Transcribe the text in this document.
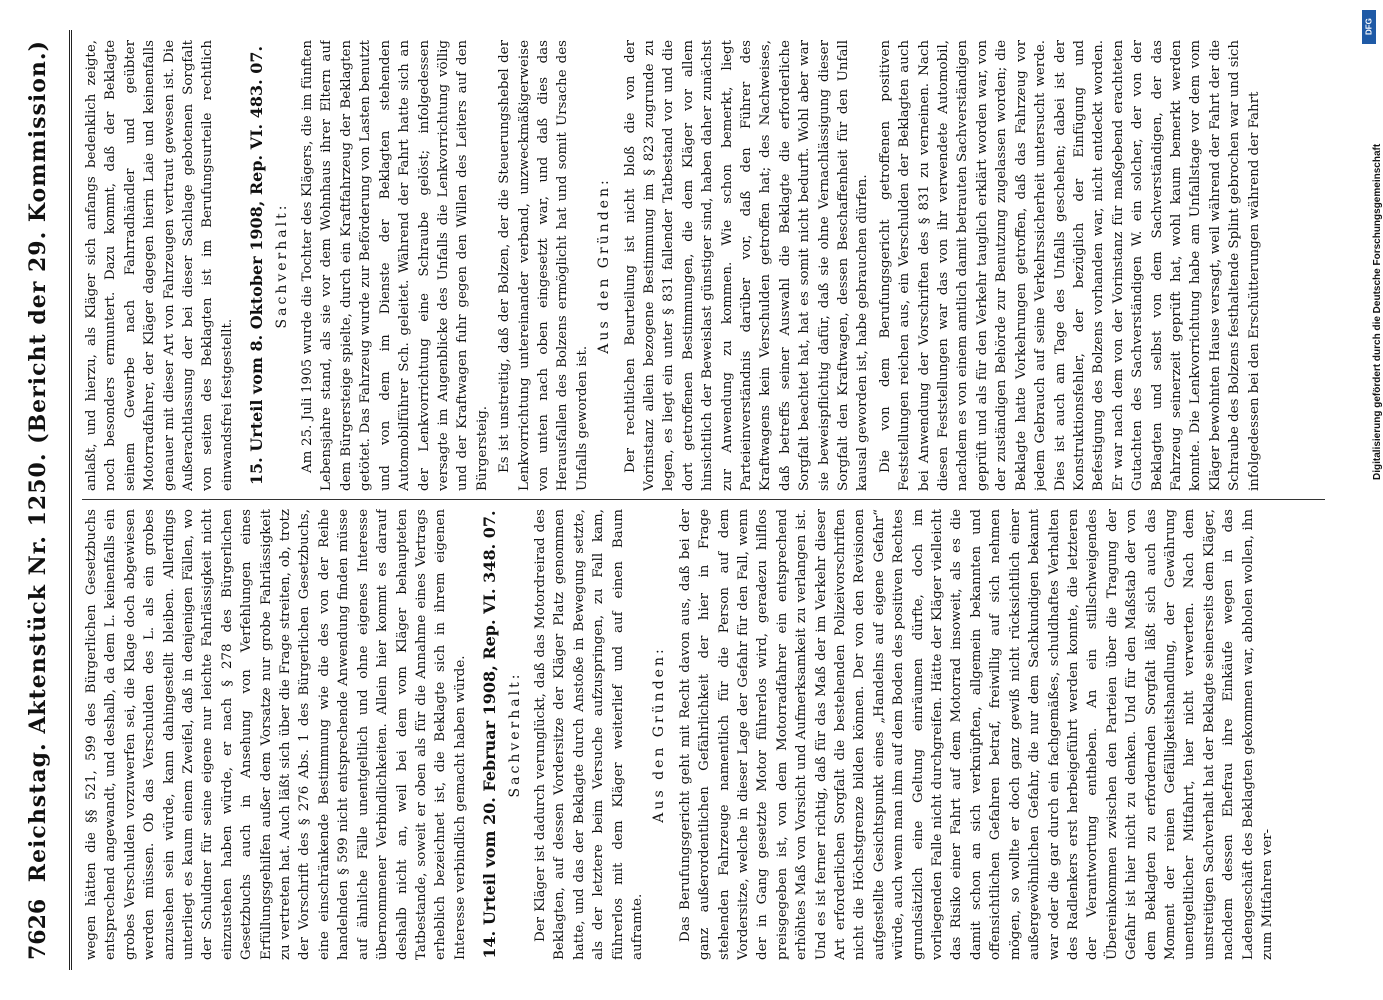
7626
Reichstag. Aktenstück Nr. 1250. (Bericht der 29. Kommission.) wegen hätten die §§ 521, 599 des Bürgerlichen Gesetzbuchs entsprechend angewandt, und deshalb, da dem L. keinenfalls ein grobes Verschulden vorzuwerfen sei, die Klage doch abgewiesen werden müssen. Ob das Verschulden des L. als ein grobes anzusehen sein würde, kann dahingestellt bleiben. Allerdings unterliegt es kaum einem Zweifel, daß in denjenigen Fällen, wo der Schuldner für seine eigene nur leichte Fahrlässigkeit nicht einzustehen haben würde, er nach § 278 des Bürgerlichen Gesetzbuchs auch in Ansehung von Verfehlungen eines Erfüllungsgehilfen außer dem Vorsatze nur grobe Fahrlässigkeit zu vertreten hat. Auch läßt sich über die Frage streiten, ob, trotz der Vorschrift des § 276 Abs. 1 des Bürgerlichen Gesetzbuchs, eine einschränkende Bestimmung wie die des von der Reihe handelnden § 599 nicht entsprechende Anwendung finden müsse auf ähnliche Fälle unentgeltlich und ohne eigenes Interesse übernommener Verbindlichkeiten. Allein hier kommt es darauf deshalb nicht an, weil bei dem vom Kläger behaupteten Tatbestande, soweit er oben als für die Annahme eines Vertrags erheblich bezeichnet ist, die Beklagte sich in ihrem eigenen Interesse verbindlich gemacht haben würde. 14. Urteil vom 20. Februar 1908, Rep. VI. 348. 07. Sachverhalt: Der Kläger ist dadurch verunglückt, daß das Motordreirad des Beklagten, auf dessen Vordersitze der Kläger Platz genommen hatte, und das der Beklagte durch Anstoße in Bewegung setzte, als der letztere beim Versuche aufzuspringen, zu Fall kam, führerlos mit dem Kläger weiterlief und auf einen Baum auframte.

Aus den Gründen: Das Berufungsgericht geht mit Recht davon aus, daß bei der ganz außerordentlichen Gefährlichkeit der hier in Frage stehenden Fahrzeuge namentlich für die Person auf dem Vordersitze, welche in dieser Lage der Gefahr für den Fall, wenn der in Gang gesetzte Motor führerlos wird, geradezu hilflos preisgegeben ist, von dem Motorradfahrer ein entsprechend erhöhtes Maß von Vorsicht und Aufmerksamkeit zu verlangen ist. Und es ist ferner richtig, daß für das Maß der im Verkehr dieser Art erforderlichen Sorgfalt die bestehenden Polizeivorschriften nicht die Höchstgrenze bilden können. Der von den Revisionen aufgestellte Gesichtspunkt eines „Handelns auf eigene Gefahr“ würde, auch wenn man ihm auf dem Boden des positiven Rechtes grundsätzlich eine Geltung einräumen dürfte, doch im vorliegenden Falle nicht durchgreifen. Hätte der Kläger vielleicht das Risiko einer Fahrt auf dem Motorrad insoweit, als es die damit schon an sich verknüpften, allgemein bekannten und offensichtlichen Gefahren betraf, freiwillig auf sich nehmen mögen, so wollte er doch ganz gewiß nicht rücksichtlich einer außergewöhnlichen Gefahr, die nur dem Sachkundigen bekannt war oder die gar durch ein fachgemäßes, schuldhaftes Verhalten des Radlenkers erst herbeigeführt werden konnte, die letzteren der Verantwortung entheben. An ein stillschweigendes Übereinkommen zwischen den Parteien über die Tragung der Gefahr ist hier nicht zu denken. Und für den Maßstab der von dem Beklagten zu erfordernden Sorgfalt läßt sich auch das Moment der reinen Gefälligkeitshandlung, der Gewährung unentgeltlicher Mitfahrt, hier nicht verwerten. Nach dem unstreitigen Sachverhalt hat der Beklagte seinerseits dem Kläger, nachdem dessen Ehefrau ihre Einkäufe wegen in das Ladengeschäft des Beklagten gekommen war, abholen wollen, ihn zum Mitfahren ver-

anlaßt, und hierzu, als Kläger sich anfangs bedenklich zeigte, noch besonders ermuntert. Dazu kommt, daß der Beklagte seinem Gewerbe nach Fahrradhändler und geübter Motorradfahrer, der Kläger dagegen hierin Laie und keinenfalls genauer mit dieser Art von Fahrzeugen vertraut gewesen ist. Die Außerachtlassung der bei dieser Sachlage gebotenen Sorgfalt von seiten des Beklagten ist im Berufungsurteile rechtlich einwandsfrei festgestellt. 15. Urteil vom 8. Oktober 1908, Rep. VI. 483. 07. Sachverhalt: Am 25. Juli 1905 wurde die Tochter des Klägers, die im fünften Lebensjahre stand, als sie vor dem Wohnhaus ihrer Eltern auf dem Bürgersteige spielte, durch ein Kraftfahrzeug der Beklagten getötet. Das Fahrzeug wurde zur Beförderung von Lasten benutzt und von dem im Dienste der Beklagten stehenden Automobilführer Sch. geleitet. Während der Fahrt hatte sich an der Lenkvorrichtung eine Schraube gelöst; infolgedessen versagte im Augenblicke des Unfalls die Lenkvorrichtung völlig und der Kraftwagen fuhr gegen den Willen des Leiters auf den Bürgersteig. Es ist unstreitig, daß der Bolzen, der die Steuerungshebel der Lenkvorrichtung untereinander verband, unzweckmäßigerweise von unten nach oben eingesetzt war, und daß dies das Herausfallen des Bolzens ermöglicht hat und somit Ursache des Unfalls geworden ist.

Aus den Gründen: Der rechtlichen Beurteilung ist nicht bloß die von der Vorinstanz allein bezogene Bestimmung im § 823 zugrunde zu legen, es liegt ein unter § 831 fallender Tatbestand vor und die dort getroffenen Bestimmungen, die dem Kläger vor allem hinsichtlich der Beweislast günstiger sind, haben daher zunächst zur Anwendung zu kommen. Wie schon bemerkt, liegt Parteieinverständnis darüber vor, daß den Führer des Kraftwagens kein Verschulden getroffen hat; des Nachweises, daß betreffs seiner Auswahl die Beklagte die erforderliche Sorgfalt beachtet hat, hat es somit nicht bedurft. Wohl aber war sie beweispflichtig dafür, daß sie ohne Vernachlässigung dieser Sorgfalt den Kraftwagen, dessen Beschaffenheit für den Unfall kausal geworden ist, habe gebrauchen dürfen. Die von dem Berufungsgericht getroffenen positiven Feststellungen reichen aus, ein Verschulden der Beklagten auch bei Anwendung der Vorschriften des § 831 zu verneinen. Nach diesen Feststellungen war das von ihr verwendete Automobil, nachdem es von einem amtlich damit betrauten Sachverständigen geprüft und als für den Verkehr tauglich erklärt worden war, von der zuständigen Behörde zur Benutzung zugelassen worden; die Beklagte hatte Vorkehrungen getroffen, daß das Fahrzeug vor jedem Gebrauch auf seine Verkehrssicherheit untersucht werde. Dies ist auch am Tage des Unfalls geschehen; dabei ist der Konstruktionsfehler, der bezüglich der Einfügung und Befestigung des Bolzens vorhanden war, nicht entdeckt worden. Er war nach dem von der Vorinstanz für maßgebend erachteten Gutachten des Sachverständigen W. ein solcher, der von der Beklagten und selbst von dem Sachverständigen, der das Fahrzeug seinerzeit geprüft hat, wohl kaum bemerkt werden konnte. Die Lenkvorrichtung habe am Unfallstage vor dem vom Kläger bewohnten Hause versagt, weil während der Fahrt der die Schraube des Bolzens festhaltende Splint gebrochen war und sich infolgedessen bei den Erschütterungen während der Fahrt

DFG
Digitalisierung gefördert durch die Deutsche Forschungsgemeinschaft
